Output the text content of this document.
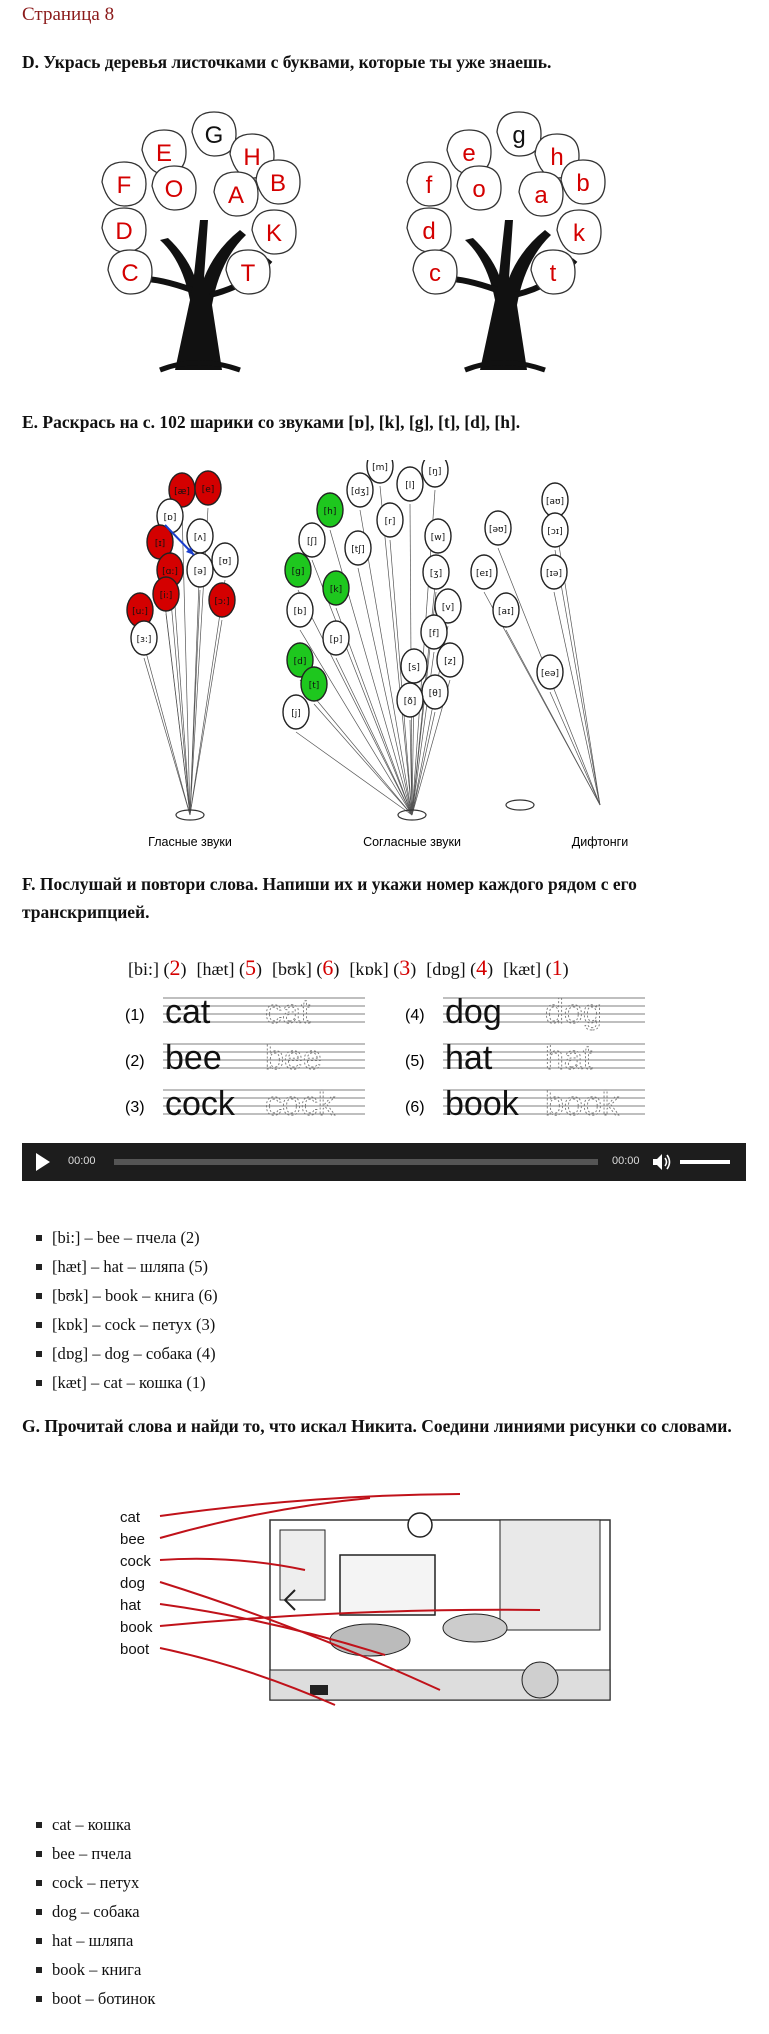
Страница 8
D. Укрась деревья листочками с буквами, которые ты уже знаешь.
G
E	H
F O A B
D	K
C	T
g
e	h
f o a b
d	k
c	t
E. Раскрась на с. 102 шарики со звуками [ɒ], [k], [g], [t], [d], [h].
[æ] [e]
[ɒ]
[ʌ]
[ɪ]
[ɑ:] [ə]
[ʊ]
[i:]
[ɔ:]
[u:]
[ɜ:]
[m]	[ŋ]
[dʒ]
[l]
[h]
[r]
[ʃ]
[tʃ]
[w]
[g]	[ʒ]
[k]
[b]	[v]
[p]
[f]
[z]
[d]
[s]
[θ]
[t]
[ð]
[j]
[aʊ]
[əʊ]	[ɔɪ]
[eɪ]	[ɪə]
[aɪ]
[eə]
Гласные звуки	Согласные звуки	Дифтонги
F. Послушай и повтори слова. Напиши их и укажи номер каждого рядом с его транскрипцией.
[bi:] (2) [hæt] (5) [bʊk] (6) [kɒk] (3) [dɒg] (4) [kæt] (1)
(1) cat cat
(2) bee bee
(3) cock cock
(4) dog dog
(5) hat hat
(6) book book
00:00	00:00
[bi:] – bee – пчела (2)
[hæt] – hat – шляпа (5)
[bʊk] – book – книга (6)
[kɒk] – cock – петух (3)
[dɒg] – dog – собака (4)
[kæt] – cat – кошка (1)
G. Прочитай слова и найди то, что искал Никита. Соедини линиями рисунки со словами.
cat
bee
cock
dog
hat
book
boot
cat – кошка
bee – пчела
cock – петух
dog – собака
hat – шляпа
book – книга
boot – ботинок
